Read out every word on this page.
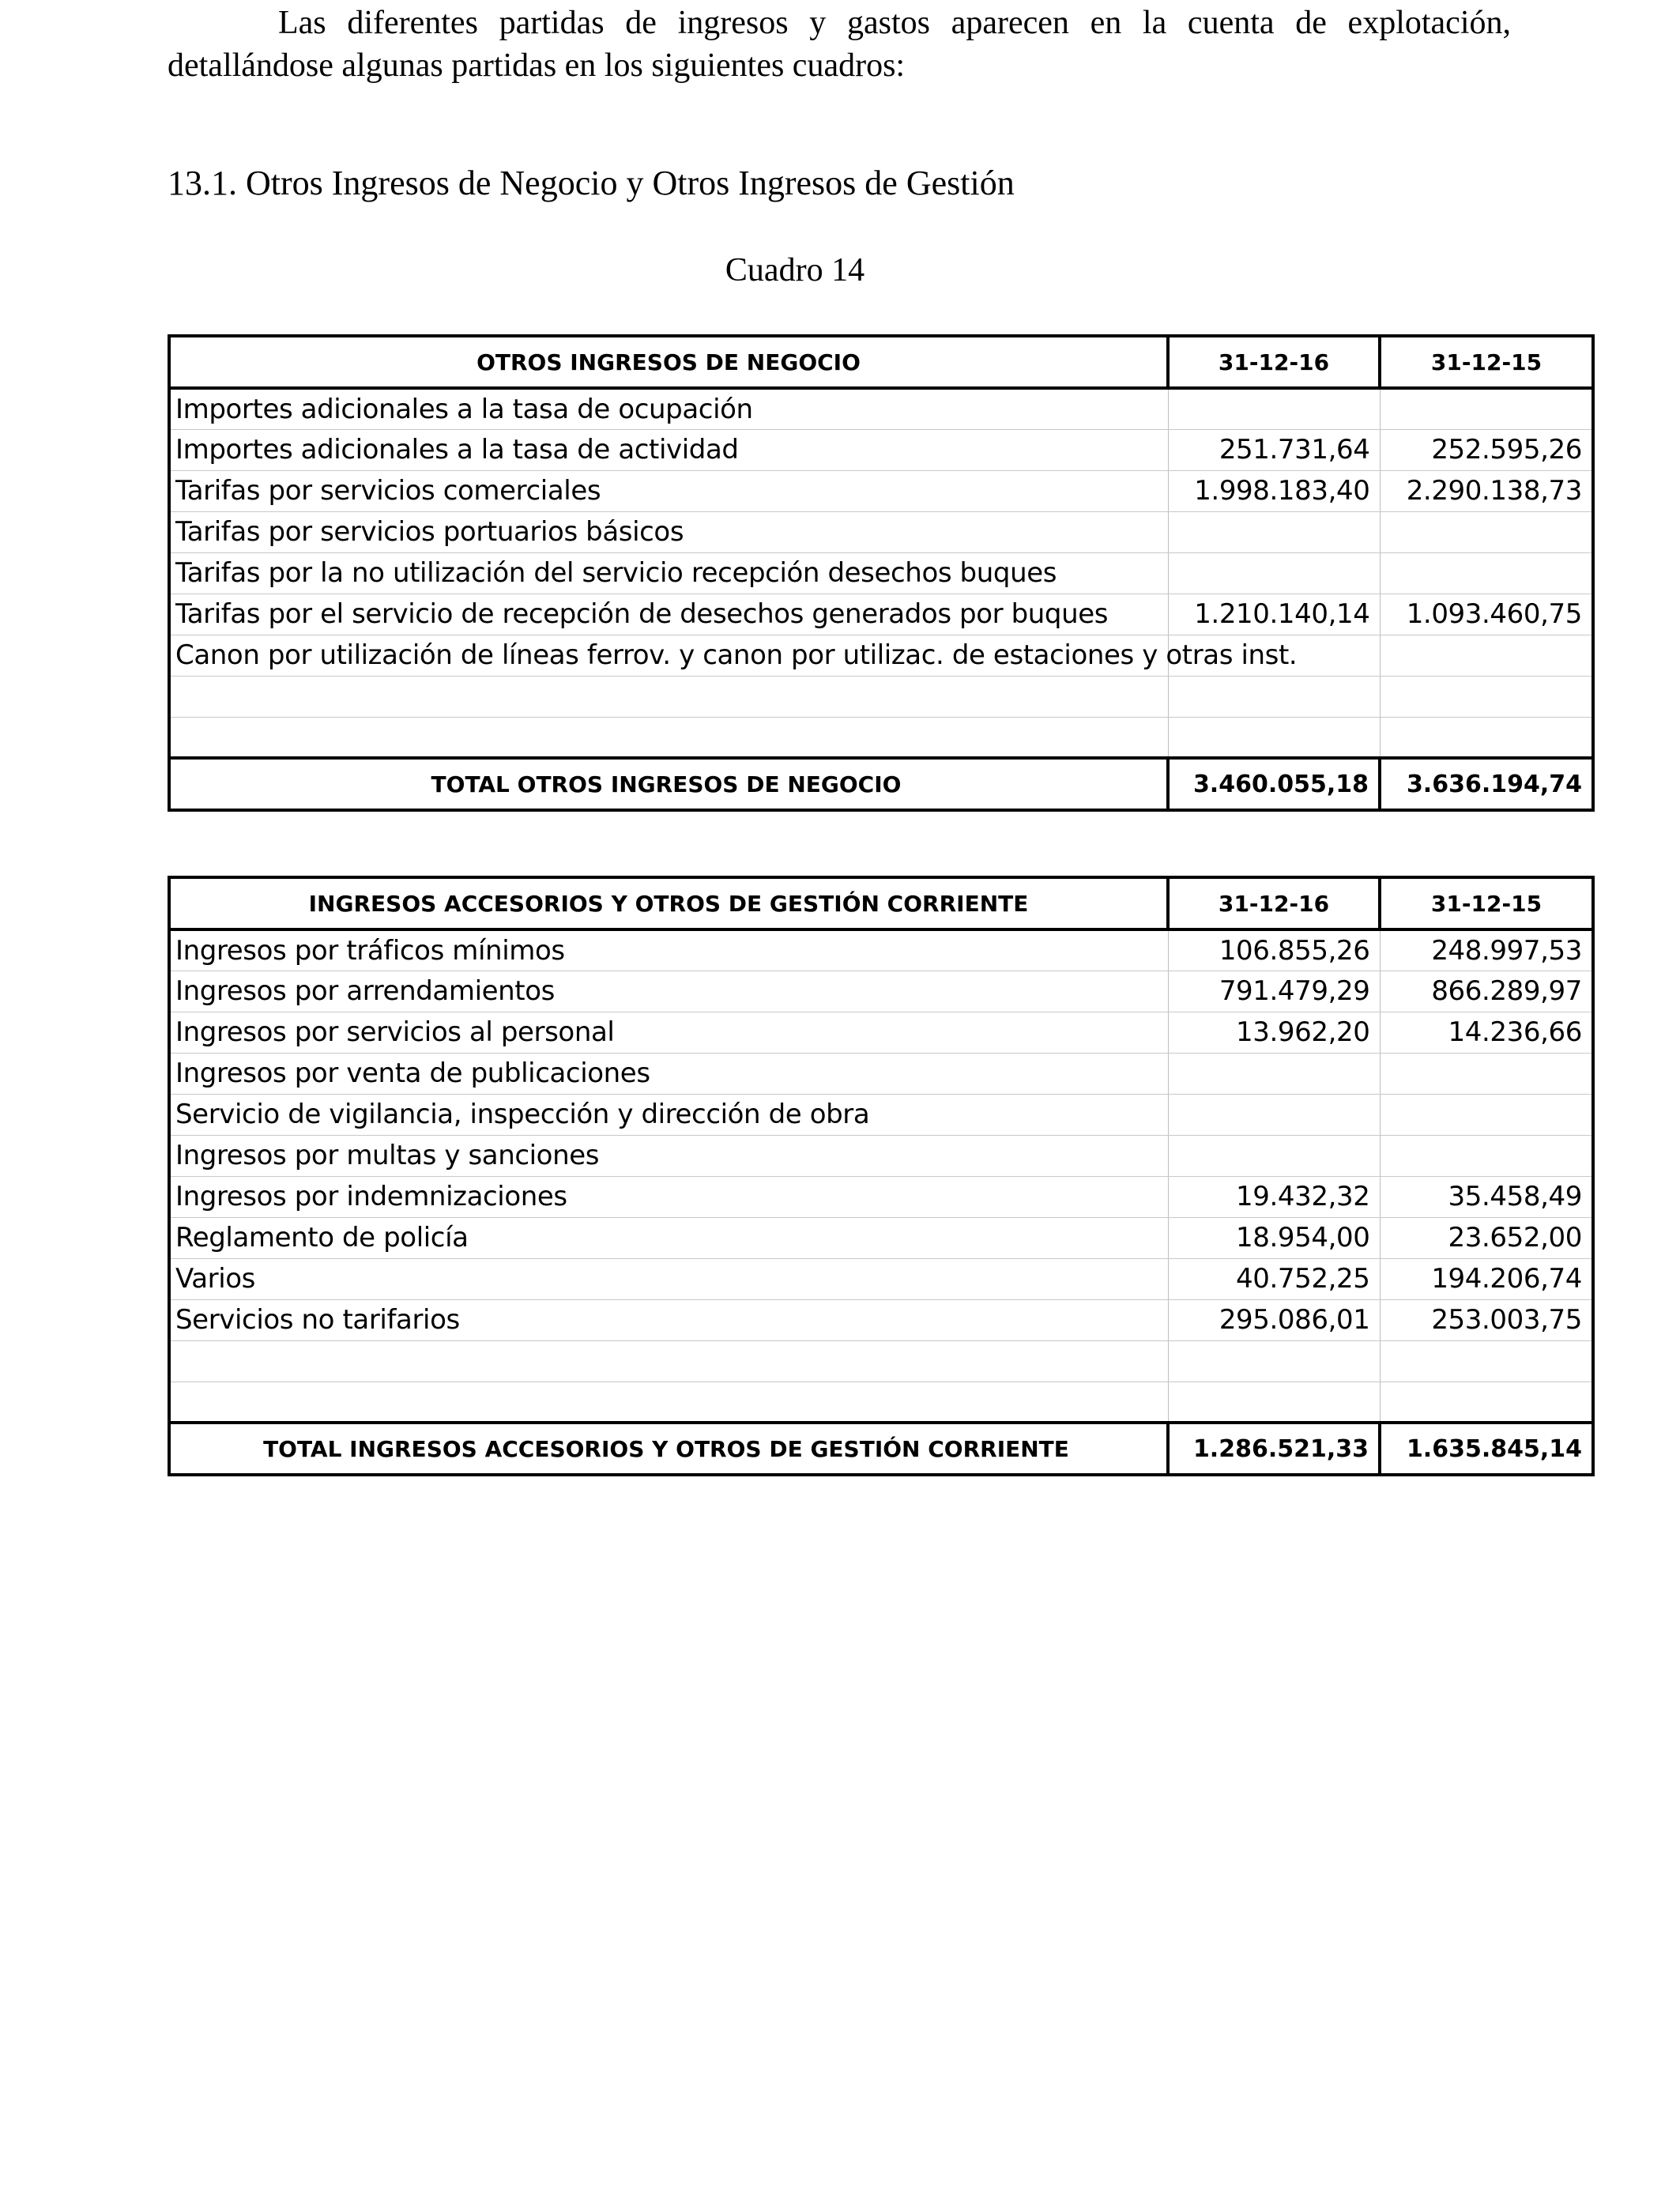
Las diferentes partidas de ingresos y gastos aparecen en la cuenta de explotación, detallándose algunas partidas en los siguientes cuadros:

13.1. Otros Ingresos de Negocio y Otros Ingresos de Gestión

Cuadro 14

OTROS INGRESOS DE NEGOCIO	31-12-16	31-12-15
Importes adicionales a la tasa de ocupación		
Importes adicionales a la tasa de actividad	251.731,64	252.595,26
Tarifas por servicios comerciales	1.998.183,40	2.290.138,73
Tarifas por servicios portuarios básicos		
Tarifas por la no utilización del servicio recepción desechos buques		
Tarifas por el servicio de recepción de desechos generados por buques	1.210.140,14	1.093.460,75
Canon por utilización de líneas ferrov. y canon por utilizac. de estaciones y otras inst.		

TOTAL OTROS INGRESOS DE NEGOCIO	3.460.055,18	3.636.194,74
INGRESOS ACCESORIOS Y OTROS DE GESTIÓN CORRIENTE	31-12-16	31-12-15
Ingresos por tráficos mínimos	106.855,26	248.997,53
Ingresos por arrendamientos	791.479,29	866.289,97
Ingresos por servicios al personal	13.962,20	14.236,66
Ingresos por venta de publicaciones		
Servicio de vigilancia, inspección y dirección de obra		
Ingresos por multas y sanciones		
Ingresos por indemnizaciones	19.432,32	35.458,49
Reglamento de policía	18.954,00	23.652,00
Varios	40.752,25	194.206,74
Servicios no tarifarios	295.086,01	253.003,75

TOTAL INGRESOS ACCESORIOS Y OTROS DE GESTIÓN CORRIENTE	1.286.521,33	1.635.845,14
